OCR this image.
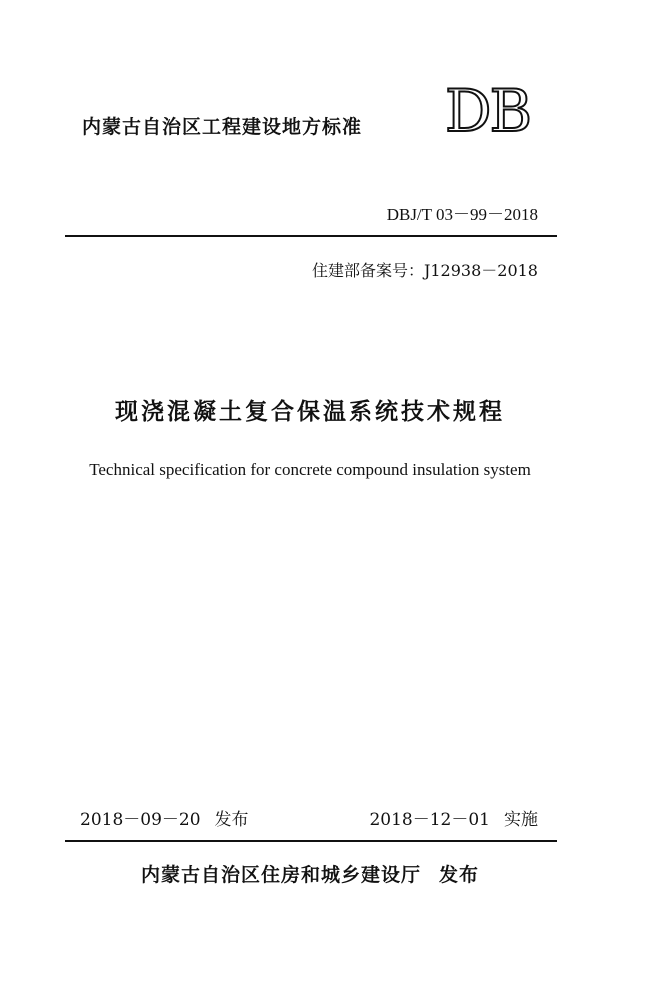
内蒙古自治区工程建设地方标准 DB
DBJ/T 03－99－2018
住建部备案号：J12938－2018
现浇混凝土复合保温系统技术规程
Technical specification for concrete compound insulation system
2018－09－20 发布	2018－12－01 实施
内蒙古自治区住房和城乡建设厅 发布
